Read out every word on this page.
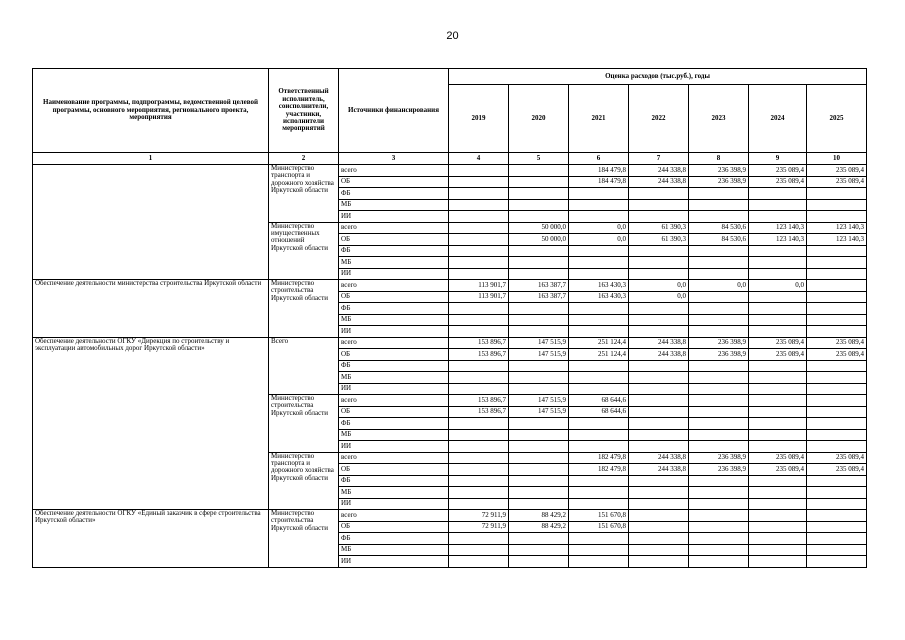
20
Наименование программы, подпрограммы, ведомственной целевой программы, основного мероприятия, регионального проекта, мероприятия	Ответственный исполнитель, соисполнители, участники, исполнители мероприятий	Источники финансирования	Оценка расходов (тыс.руб.), годы						
			2019	2020	2021	2022	2023	2024	2025
1	2	3	4	5	6	7	8	9	10
	Министерство транспорта и дорожного хозяйства Иркутской области	всего			184 479,8	244 338,8	236 398,9	235 089,4	235 089,4
		ОБ			184 479,8	244 338,8	236 398,9	235 089,4	235 089,4
		ФБ							
		МБ							
		ИИ							
	Министерство имущественных отношений Иркутской области	всего		50 000,0	0,0	61 390,3	84 530,6	123 140,3	123 140,3
		ОБ		50 000,0	0,0	61 390,3	84 530,6	123 140,3	123 140,3
		ФБ							
		МБ							
		ИИ							
Обеспечение деятельности министерства строительства Иркутской области	Министерство строительства Иркутской области	всего	113 901,7	163 387,7	163 430,3	0,0	0,0	0,0	
		ОБ	113 901,7	163 387,7	163 430,3	0,0			
		ФБ							
		МБ							
		ИИ							
Обеспечение деятельности ОГКУ «Дирекция по строительству и эксплуатации автомобильных дорог Иркутской области»	Всего	всего	153 896,7	147 515,9	251 124,4	244 338,8	236 398,9	235 089,4	235 089,4
		ОБ	153 896,7	147 515,9	251 124,4	244 338,8	236 398,9	235 089,4	235 089,4
		ФБ							
		МБ							
		ИИ							
	Министерство строительства Иркутской области	всего	153 896,7	147 515,9	68 644,6				
		ОБ	153 896,7	147 515,9	68 644,6				
		ФБ							
		МБ							
		ИИ							
	Министерство транспорта и дорожного хозяйства Иркутской области	всего			182 479,8	244 338,8	236 398,9	235 089,4	235 089,4
		ОБ			182 479,8	244 338,8	236 398,9	235 089,4	235 089,4
		ФБ							
		МБ							
		ИИ							
Обеспечение деятельности ОГКУ «Единый заказчик в сфере строительства Иркутской области»	Министерство строительства Иркутской области	всего	72 911,9	88 429,2	151 670,8				
		ОБ	72 911,9	88 429,2	151 670,8				
		ФБ							
		МБ							
		ИИ							
